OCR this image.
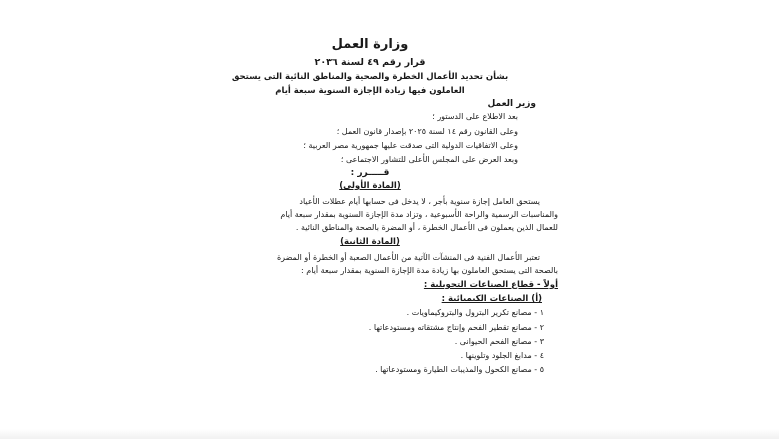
وزارة العمل
قرار رقم ٤٩ لسنة ٢٠٣٦
بشأن تحديد الأعمال الخطرة والصحية والمناطق النائية التى يستحق
العاملون فيها زيادة الإجازة السنوية سبعة أيام
وزير العمل
بعد الاطلاع على الدستور ؛
وعلى القانون رقم ١٤ لسنة ٢٠٢٥ بإصدار قانون العمل ؛
وعلى الاتفاقيات الدولية التى صدقت عليها جمهورية مصر العربية ؛
وبعد العرض على المجلس الأعلى للتشاور الاجتماعى ؛
قـــــرر :
(المادة الأولى)
يستحق العامل إجازة سنوية بأجر ، لا يدخل فى حسابها أيام عطلات الأعياد
والمناسبات الرسمية والراحة الأسبوعية ، وتزاد مدة الإجازة السنوية بمقدار سبعة أيام
للعمال الذين يعملون فى الأعمال الخطرة ، أو المضرة بالصحة والمناطق النائية .
(المادة الثانية)
تعتبر الأعمال الفنية فى المنشآت الآتية من الأعمال الصعبة أو الخطرة أو المضرة
بالصحة التى يستحق العاملون بها زيادة مدة الإجازة السنوية بمقدار سبعة أيام :
أولاً - قطاع الصناعات التحويلية :
(أ) الصناعات الكيميائية :
١ - مصانع تكرير البترول والبتروكيماويات .
٢ - مصانع تقطير الفحم وإنتاج مشتقاته ومستودعاتها .
٣ - مصانع الفحم الحيوانى .
٤ - مدابغ الجلود وتلوينها .
٥ - مصانع الكحول والمذيبات الطيارة ومستودعاتها .
